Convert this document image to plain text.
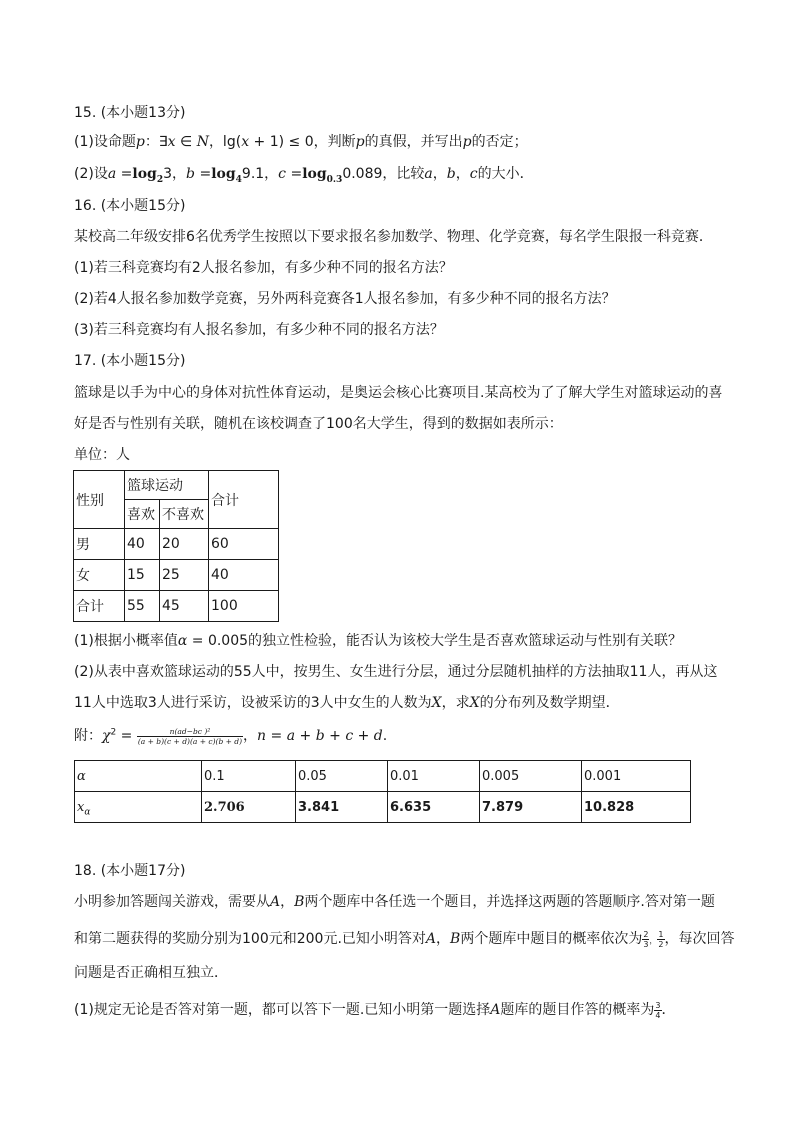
15. (本小题13分)
(1)设命题p：∃x ∈ N，lg(x + 1) ≤ 0，判断p的真假，并写出p的否定；
(2)设$a =\log_23$，$b =\log_49.1$，$c =\log_{0.3}0.089$，比较a，b，c的大小．
16. (本小题15分)
某校高二年级安排6名优秀学生按照以下要求报名参加数学、物理、化学竞赛，每名学生限报一科竞赛．
(1)若三科竞赛均有2人报名参加，有多少种不同的报名方法？
(2)若4人报名参加数学竞赛，另外两科竞赛各1人报名参加，有多少种不同的报名方法？
(3)若三科竞赛均有人报名参加，有多少种不同的报名方法？
17. (本小题15分)
篮球是以手为中心的身体对抗性体育运动，是奥运会核心比赛项目.某高校为了了解大学生对篮球运动的喜
好是否与性别有关联，随机在该校调查了100名大学生，得到的数据如表所示：
单位：人
性别	篮球运动		合计
	喜欢	不喜欢	
男	40	20	60
女	15	25	40
合计	55	45	100
(1)根据小概率值α = 0.005的独立性检验，能否认为该校大学生是否喜欢篮球运动与性别有关联？
(2)从表中喜欢篮球运动的55人中，按男生、女生进行分层，通过分层随机抽样的方法抽取11人，再从这
11人中选取3人进行采访，设被采访的3人中女生的人数为X，求X的分布列及数学期望．
附：$\chi^2 = \frac{\text{n(ad−bc )²}}{(a + b)(c + d)(a + c)(b + d)}$ ，n = a + b + c + d.
α	0.1	0.05	0.01	0.005	0.001
$x_\alpha$	2.706	3.841	6.635	7.879	10.828
18. (本小题17分)
小明参加答题闯关游戏，需要从A，B两个题库中各任选一个题目，并选择这两题的答题顺序.答对第一题
和第二题获得的奖励分别为100元和200元.已知小明答对A，B两个题库中题目的概率依次为 $\frac{2}{3}$ ， $\frac{1}{2}$ ，每次回答
问题是否正确相互独立．
(1)规定无论是否答对第一题，都可以答下一题.已知小明第一题选择A题库的题目作答的概率为 $\frac{3}{4}$ ．
